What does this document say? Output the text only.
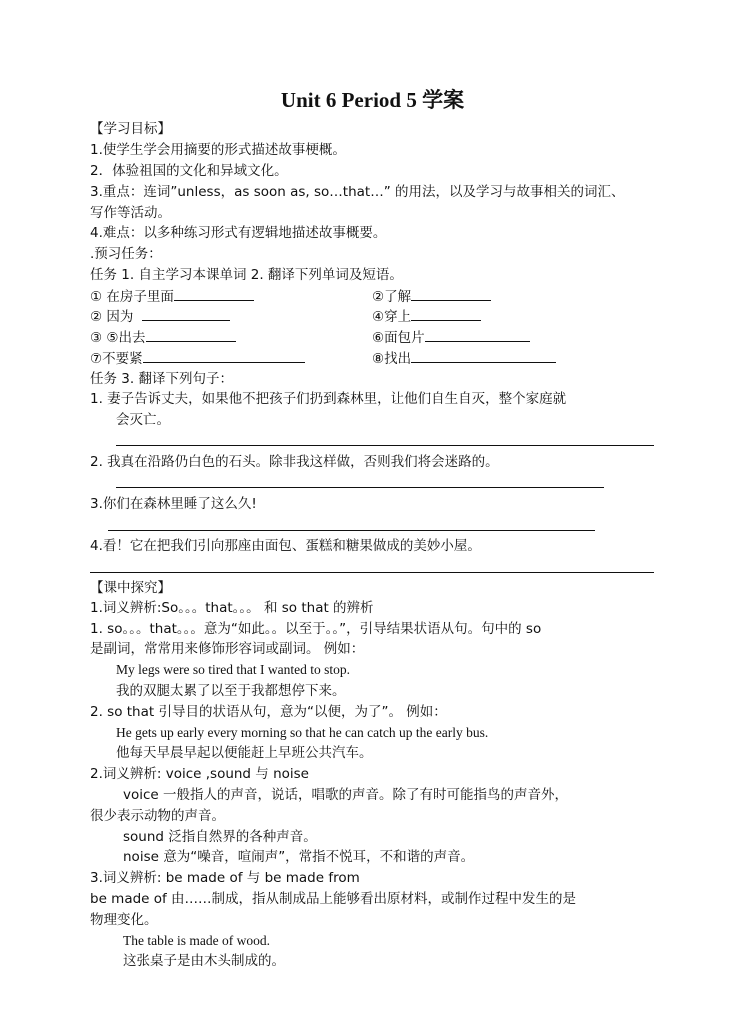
Unit 6 Period 5 学案
【学习目标】
1.使学生学会用摘要的形式描述故事梗概。
2．体验祖国的文化和异域文化。
3.重点：连词”unless，as soon as, so…that…” 的用法，以及学习与故事相关的词汇、
写作等活动。
4.难点：以多种练习形式有逻辑地描述故事概要。
.预习任务：
任务 1. 自主学习本课单词 2. 翻译下列单词及短语。
① 在房子里面	②了解
② 因为	④穿上
③ ⑤出去	⑥面包片
⑦不要紧	⑧找出
任务 3. 翻译下列句子：
1. 妻子告诉丈夫，如果他不把孩子们扔到森林里，让他们自生自灭，整个家庭就
会灭亡。
2. 我真在沿路仍白色的石头。除非我这样做，否则我们将会迷路的。
3.你们在森林里睡了这么久!
4.看！它在把我们引向那座由面包、蛋糕和糖果做成的美妙小屋。
【课中探究】
1.词义辨析:So。。。that。。。 和 so that 的辨析
1. so。。。that。。。意为“如此。。以至于。。”，引导结果状语从句。句中的 so
是副词，常常用来修饰形容词或副词。 例如：
My legs were so tired that I wanted to stop.
我的双腿太累了以至于我都想停下来。
2. so that 引导目的状语从句，意为“以便，为了”。 例如：
He gets up early every morning so that he can catch up the early bus.
他每天早晨早起以便能赶上早班公共汽车。
2.词义辨析: voice ,sound 与 noise
voice 一般指人的声音，说话，唱歌的声音。除了有时可能指鸟的声音外，
很少表示动物的声音。
sound 泛指自然界的各种声音。
noise 意为“噪音，喧闹声”，常指不悦耳，不和谐的声音。
3.词义辨析: be made of 与 be made from
be made of 由……制成，指从制成品上能够看出原材料，或制作过程中发生的是
物理变化。
The table is made of wood.
这张桌子是由木头制成的。
